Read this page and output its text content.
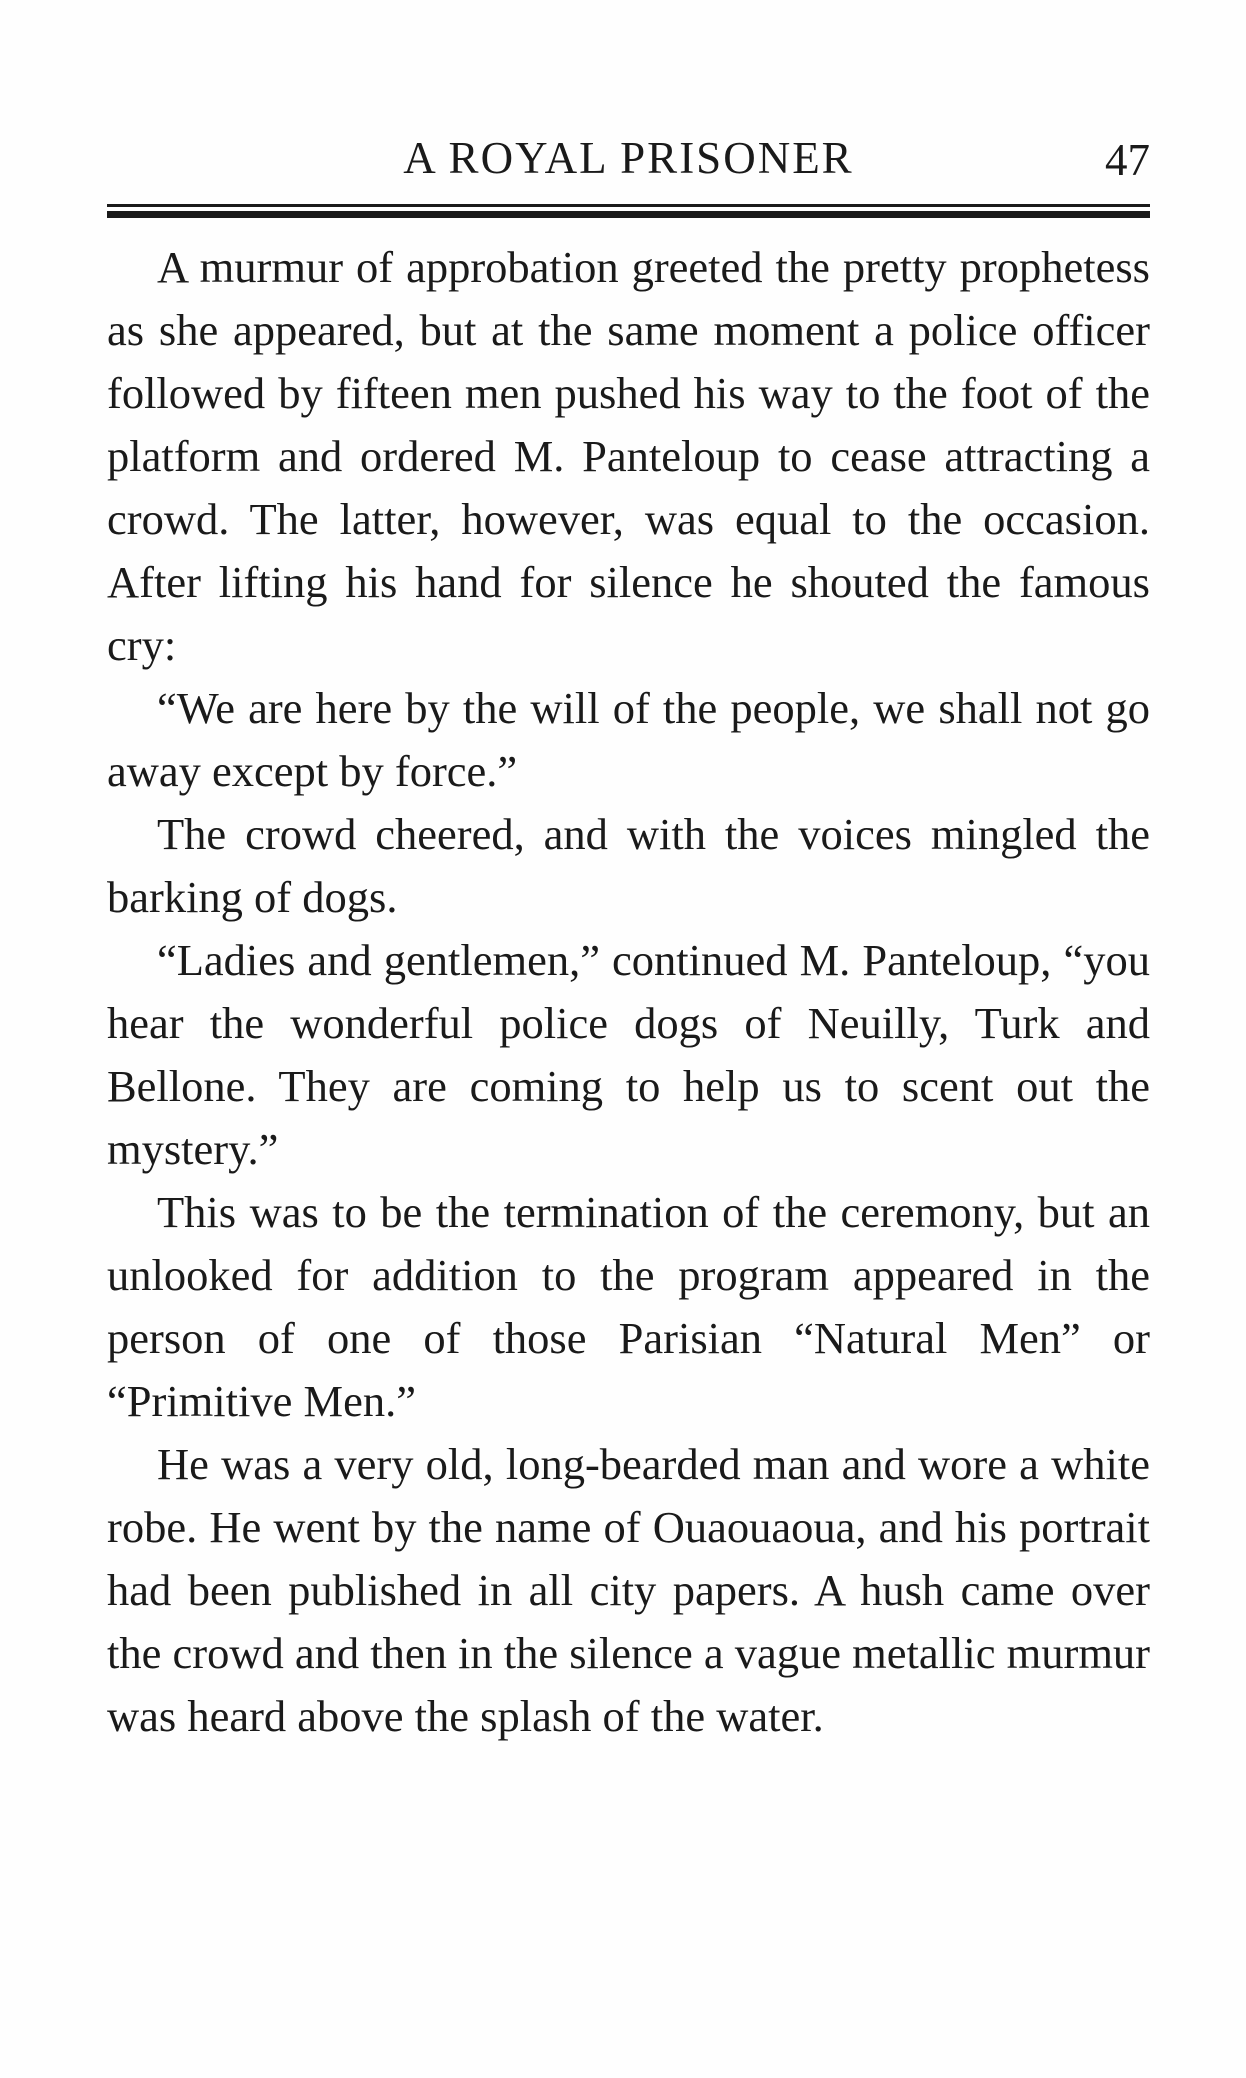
A ROYAL PRISONER	47

A murmur of approbation greeted the pretty prophetess as she appeared, but at the same moment a police officer followed by fifteen men pushed his way to the foot of the platform and ordered M. Panteloup to cease attracting a crowd. The latter, however, was equal to the occasion. After lifting his hand for silence he shouted the famous cry:

“We are here by the will of the people, we shall not go away except by force.”

The crowd cheered, and with the voices mingled the barking of dogs.

“Ladies and gentlemen,” continued M. Panteloup, “you hear the wonderful police dogs of Neuilly, Turk and Bellone. They are coming to help us to scent out the mystery.”

This was to be the termination of the ceremony, but an unlooked for addition to the program appeared in the person of one of those Parisian “Natural Men” or “Primitive Men.”

He was a very old, long-bearded man and wore a white robe. He went by the name of Ouaouaoua, and his portrait had been published in all city papers. A hush came over the crowd and then in the silence a vague metallic murmur was heard above the splash of the water.
